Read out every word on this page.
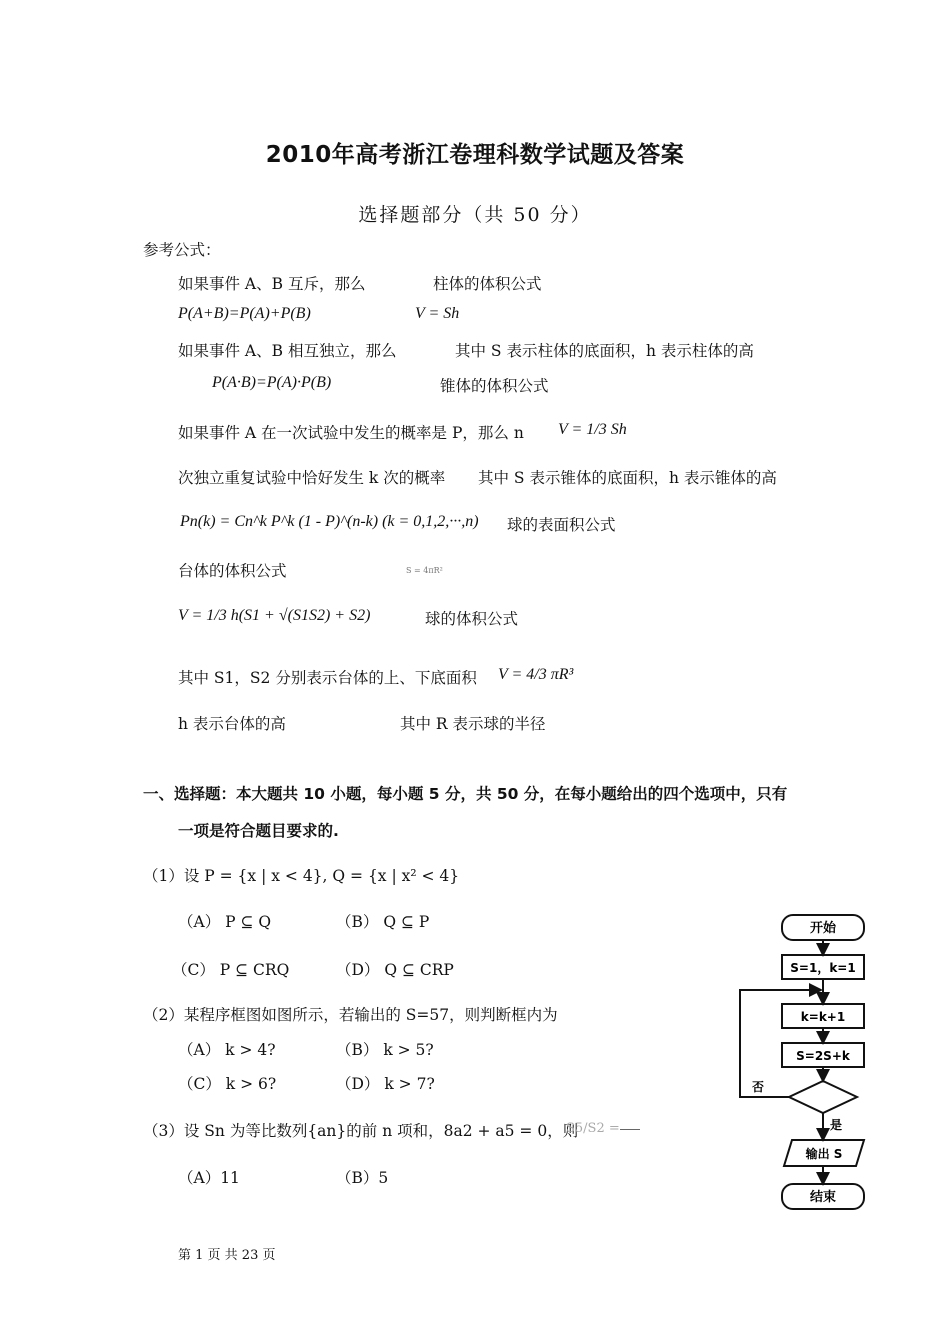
2010年高考浙江卷理科数学试题及答案
选择题部分（共 50 分）
参考公式：
如果事件 A、B 互斥，那么	柱体的体积公式
P(A+B)=P(A)+P(B)	V = Sh
如果事件 A、B 相互独立，那么	其中 S 表示柱体的底面积，h 表示柱体的高
P(A·B)=P(A)·P(B)	锥体的体积公式
如果事件 A 在一次试验中发生的概率是 P，那么 n V = 1/3 Sh
次独立重复试验中恰好发生 k 次的概率 其中 S 表示锥体的底面积，h 表示锥体的高
Pn(k) = Cn^k P^k (1 - P)^(n-k) (k = 0,1,2,···,n) 球的表面积公式
台体的体积公式	S = 4πR²
V = 1/3 h(S1 + √(S1S2) + S2)	球的体积公式
其中 S1，S2 分别表示台体的上、下底面积 V = 4/3 πR³
h 表示台体的高	其中 R 表示球的半径
一、选择题：本大题共 10 小题，每小题 5 分，共 50 分，在每小题给出的四个选项中，只有
一项是符合题目要求的.
（1）设 P = {x | x < 4}, Q = {x | x² < 4}
（A） P ⊆ Q	（B） Q ⊆ P
（C） P ⊆ CRQ	（D） Q ⊆ CRP
（2）某程序框图如图所示，若输出的 S=57，则判断框内为
（A） k > 4?	（B） k > 5?
（C） k > 6?	（D） k > 7?
（3）设 Sn 为等比数列{an}的前 n 项和，8a2 + a5 = 0，则
S5/S2 =
（A）11	（B）5
开始
S=1，k=1
k=k+1
S=2S+k
否
是
输出 S
结束
第 1 页 共 23 页
